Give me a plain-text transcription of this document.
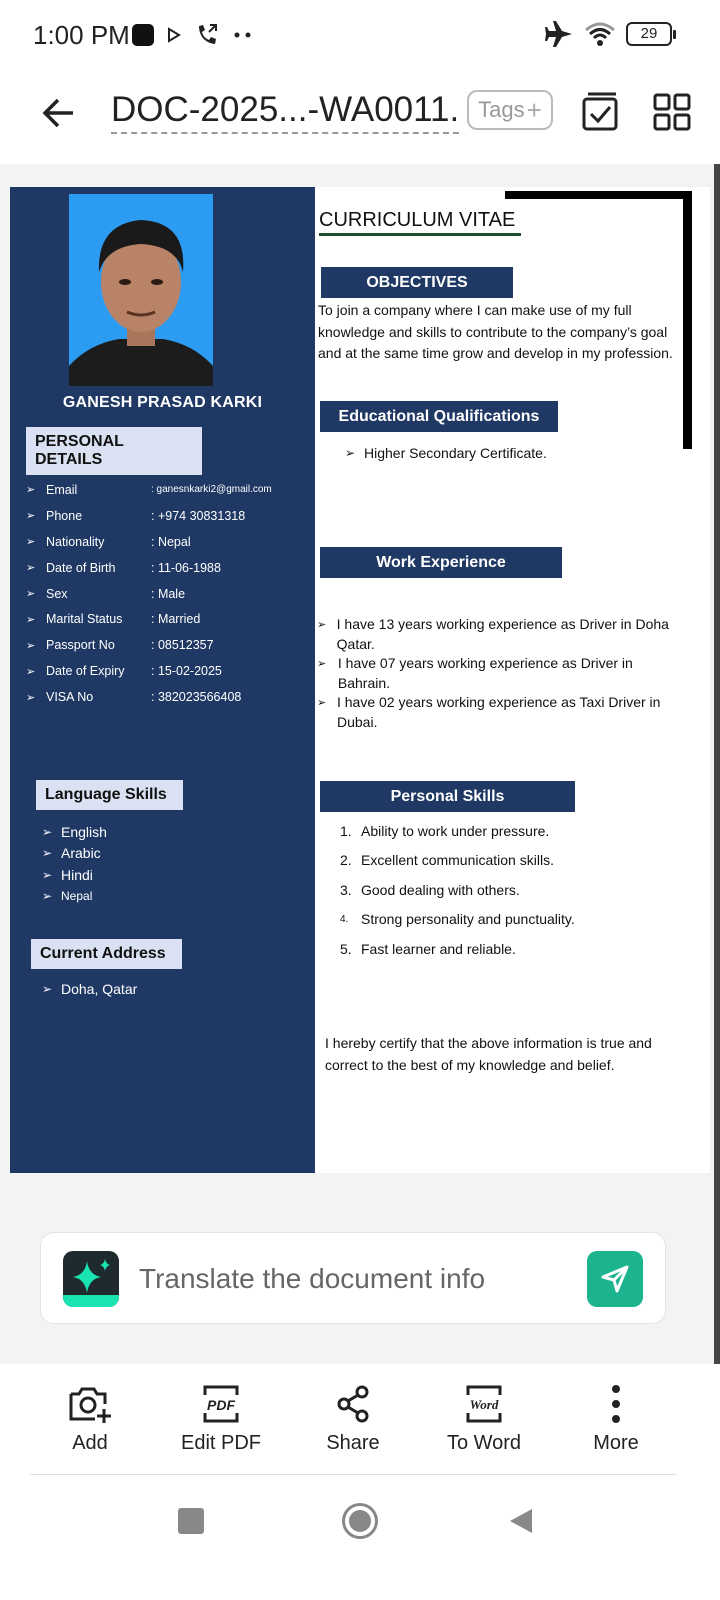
1:00 PM	29
DOC-2025...-WA0011. Tags +
GANESH PRASAD KARKI
PERSONAL DETAILS
➢ Email	: ganesnkarki2@gmail.com
➢ Phone	: +974 30831318
➢ Nationality	: Nepal
➢ Date of Birth	: 11-06-1988
➢ Sex	: Male
➢ Marital Status	: Married
➢ Passport No	: 08512357
➢ Date of Expiry	: 15-02-2025
➢ VISA No	: 382023566408
Language Skills
➢ English
➢ Arabic
➢ Hindi
➢ Nepal
Current Address
➢ Doha, Qatar
CURRICULUM VITAE
OBJECTIVES
To join a company where I can make use of my full knowledge and skills to contribute to the company’s goal and at the same time grow and develop in my profession.
Educational Qualifications
➢ Higher Secondary Certificate.
Work Experience
➢ I have 13 years working experience as Driver in Doha Qatar.
➢ I have 07 years working experience as Driver in Bahrain.
➢ I have 02 years working experience as Taxi Driver in Dubai.
Personal Skills
1. Ability to work under pressure.
2. Excellent communication skills.
3. Good dealing with others.
4. Strong personality and punctuality.
5. Fast learner and reliable.
I hereby certify that the above information is true and correct to the best of my knowledge and belief.
Translate the document info
Add
PDF
Edit PDF	Share
Word
To Word	More
